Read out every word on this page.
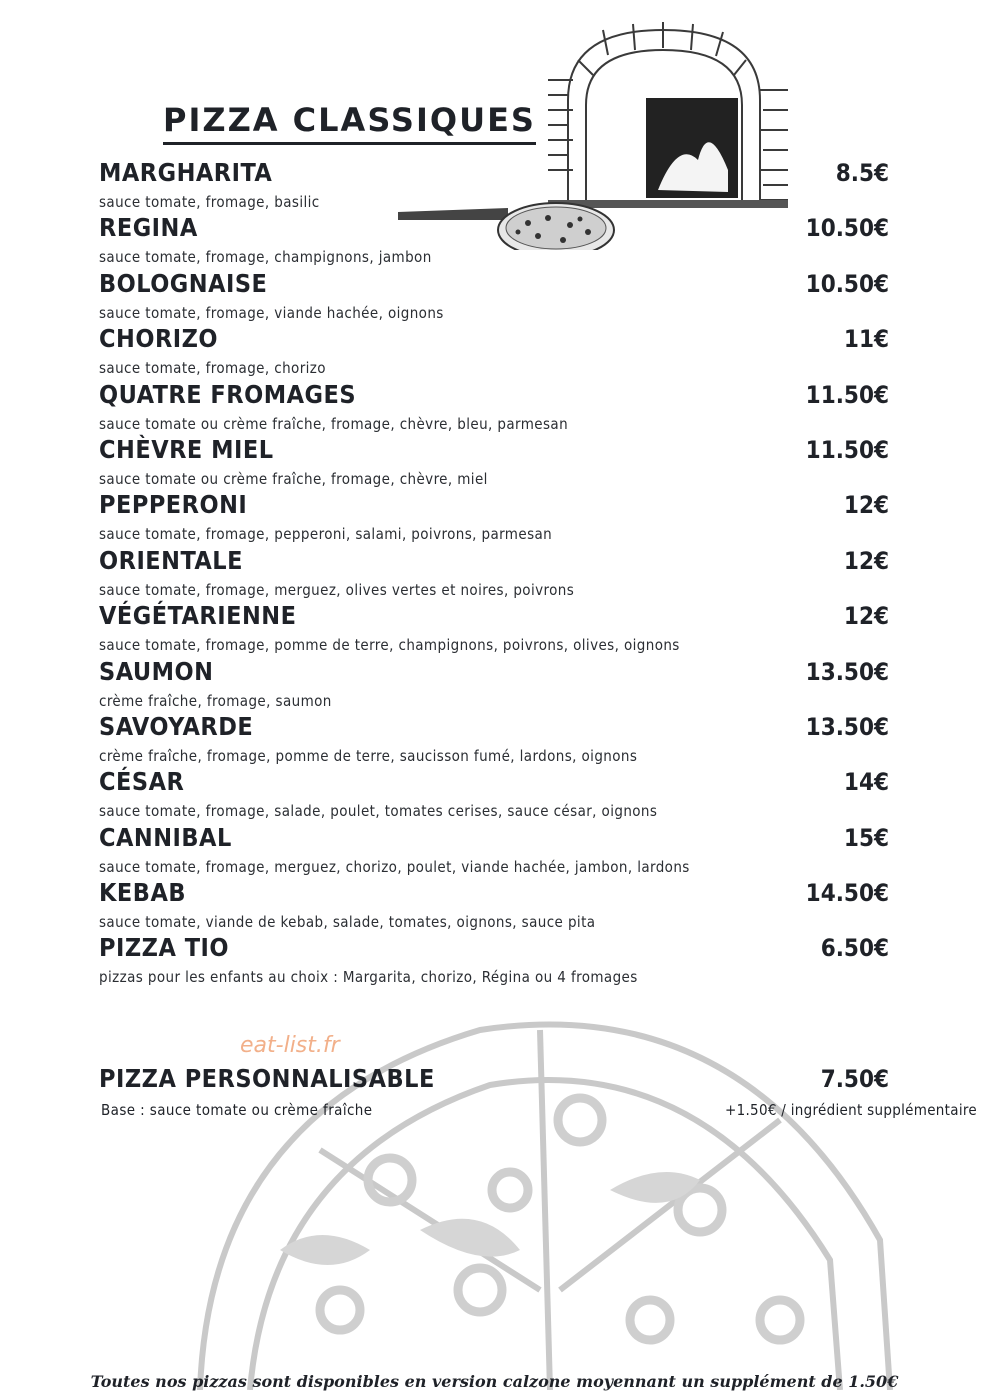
PIZZA CLASSIQUES
MARGHARITA	8.5€
sauce tomate, fromage, basilic
REGINA	10.50€
sauce tomate, fromage, champignons, jambon
BOLOGNAISE	10.50€
sauce tomate, fromage, viande hachée, oignons
CHORIZO	11€
sauce tomate, fromage, chorizo
QUATRE FROMAGES	11.50€
sauce tomate ou crème fraîche, fromage, chèvre, bleu, parmesan
CHÈVRE MIEL	11.50€
sauce tomate ou crème fraîche, fromage, chèvre, miel
PEPPERONI	12€
sauce tomate, fromage, pepperoni, salami, poivrons, parmesan
ORIENTALE	12€
sauce tomate, fromage, merguez, olives vertes et noires, poivrons
VÉGÉTARIENNE	12€
sauce tomate, fromage, pomme de terre, champignons, poivrons, olives, oignons
SAUMON	13.50€
crème fraîche, fromage, saumon
SAVOYARDE	13.50€
crème fraîche, fromage, pomme de terre, saucisson fumé, lardons, oignons
CÉSAR	14€
sauce tomate, fromage, salade, poulet, tomates cerises, sauce césar, oignons
CANNIBAL	15€
sauce tomate, fromage, merguez, chorizo, poulet, viande hachée, jambon, lardons
KEBAB	14.50€
sauce tomate, viande de kebab, salade, tomates, oignons, sauce pita
PIZZA TIO	6.50€
pizzas pour les enfants au choix : Margarita, chorizo, Régina ou 4 fromages
eat-list.fr
PIZZA PERSONNALISABLE	7.50€
Base : sauce tomate ou crème fraîche	+1.50€ / ingrédient supplémentaire
Toutes nos pizzas sont disponibles en version calzone moyennant un supplément de 1.50€
